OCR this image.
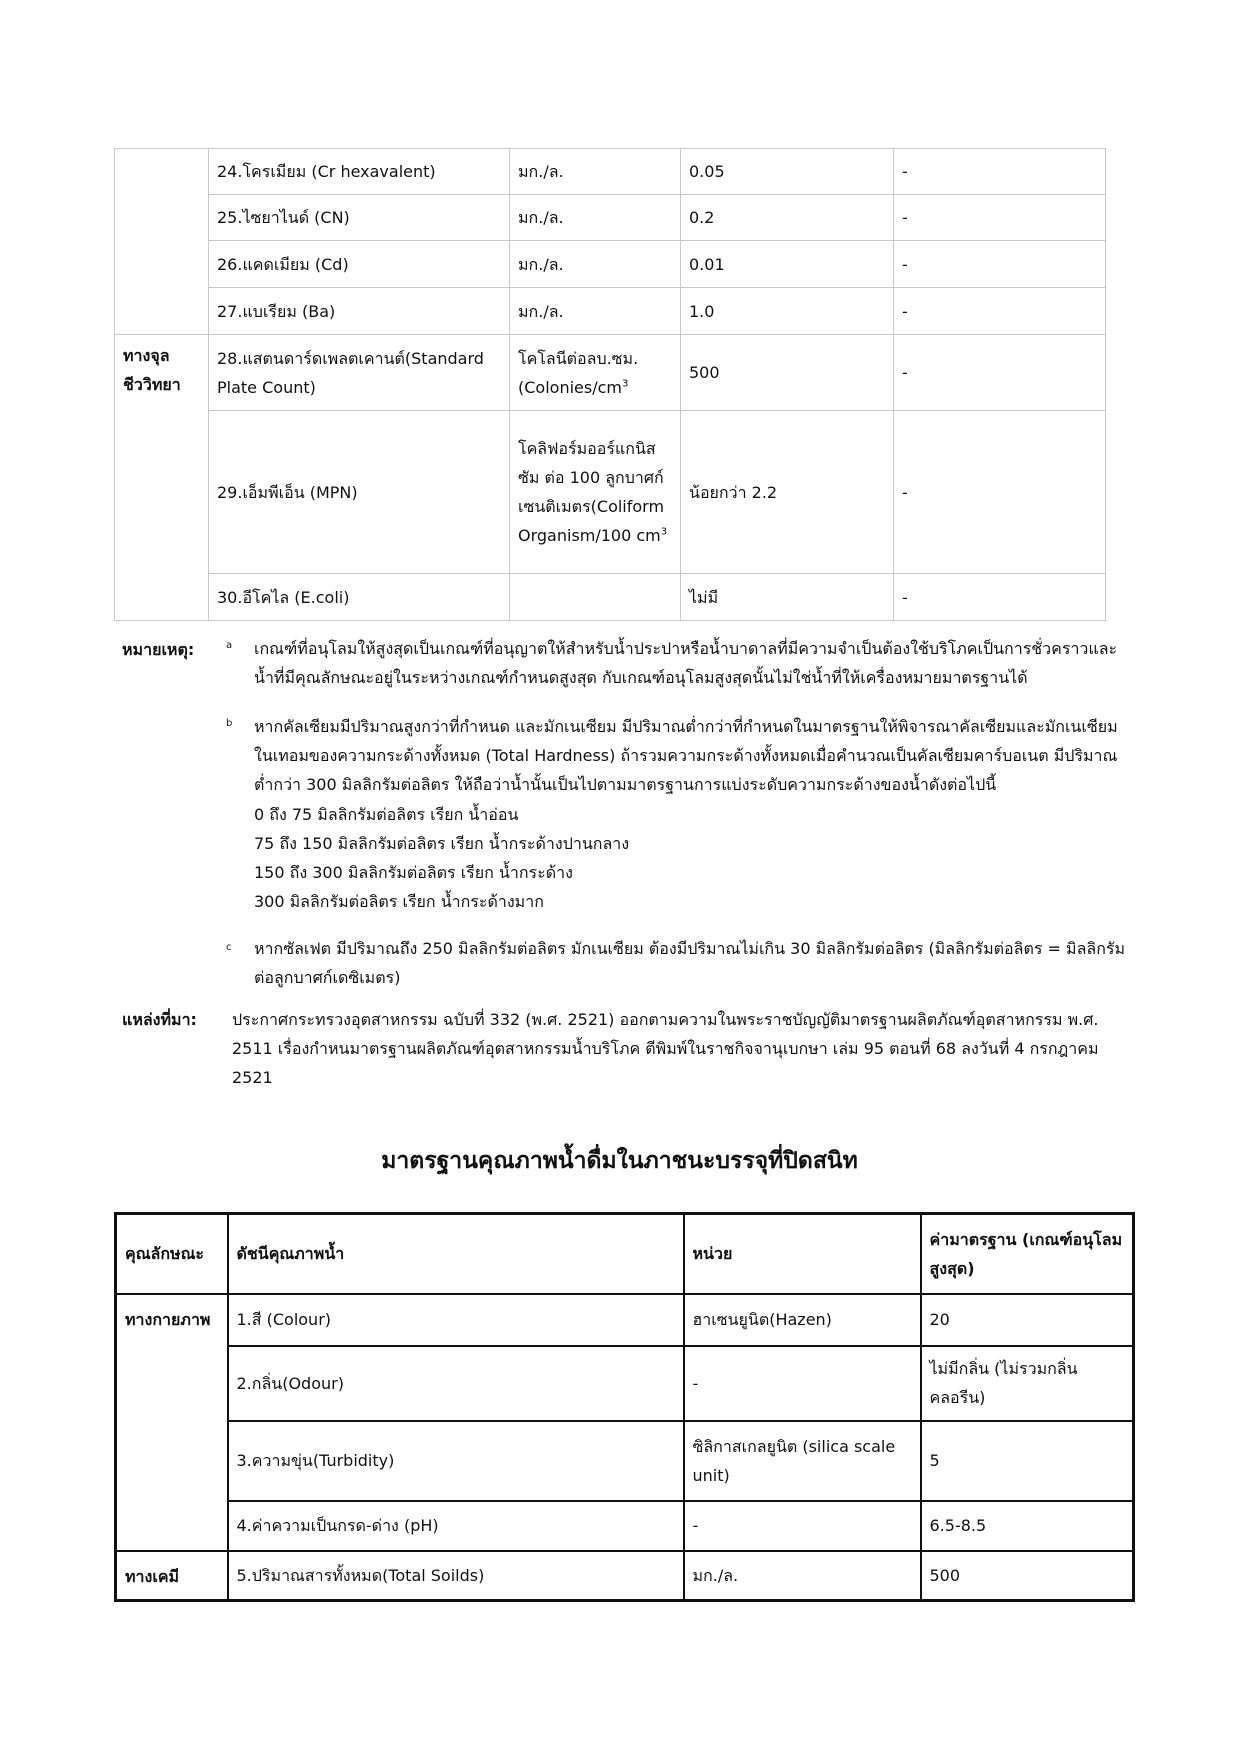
	24.โครเมียม (Cr hexavalent)	มก./ล.	0.05	-
	25.ไซยาไนด์ (CN)	มก./ล.	0.2	-
	26.แคดเมียม (Cd)	มก./ล.	0.01	-
	27.แบเรียม (Ba)	มก./ล.	1.0	-
ทางจุล ชีววิทยา	28.แสตนดาร์ดเพลตเคานต์(Standard Plate Count)	โคโลนีต่อลบ.ซม. ($Colonies/cm^3$	500	-
	29.เอ็มพีเอ็น (MPN)	โคลิฟอร์มออร์แกนิสซัม ต่อ 100 ลูกบาศก์เซนติเมตร(Coliform Organism/100 $cm^3$	น้อยกว่า 2.2	-
	30.อีโคไล (E.coli)		ไม่มี	-
หมายเหตุ:	a เกณฑ์ที่อนุโลมให้สูงสุดเป็นเกณฑ์ที่อนุญาตให้สำหรับน้ำประปาหรือน้ำบาดาลที่มีความจำเป็นต้องใช้บริโภคเป็นการชั่วคราวและน้ำที่มีคุณลักษณะอยู่ในระหว่างเกณฑ์กำหนดสูงสุด กับเกณฑ์อนุโลมสูงสุดนั้นไม่ใช่น้ำที่ให้เครื่องหมายมาตรฐานได้
b หากคัลเซียมมีปริมาณสูงกว่าที่กำหนด และมักเนเซียม มีปริมาณต่ำกว่าที่กำหนดในมาตรฐานให้พิจารณาคัลเซียมและมักเนเซียมในเทอมของความกระด้างทั้งหมด (Total Hardness) ถ้ารวมความกระด้างทั้งหมดเมื่อคำนวณเป็นคัลเซียมคาร์บอเนต มีปริมาณต่ำกว่า 300 มิลลิกรัมต่อลิตร ให้ถือว่าน้ำนั้นเป็นไปตามมาตรฐานการแบ่งระดับความกระด้างของน้ำดังต่อไปนี้
0 ถึง 75 มิลลิกรัมต่อลิตร เรียก น้ำอ่อน
75 ถึง 150 มิลลิกรัมต่อลิตร เรียก น้ำกระด้างปานกลาง
150 ถึง 300 มิลลิกรัมต่อลิตร เรียก น้ำกระด้าง
300 มิลลิกรัมต่อลิตร เรียก น้ำกระด้างมาก
c หากซัลเฟต มีปริมาณถึง 250 มิลลิกรัมต่อลิตร มักเนเซียม ต้องมีปริมาณไม่เกิน 30 มิลลิกรัมต่อลิตร (มิลลิกรัมต่อลิตร = มิลลิกรัมต่อลูกบาศก์เดซิเมตร)
แหล่งที่มา: ประกาศกระทรวงอุตสาหกรรม ฉบับที่ 332 (พ.ศ. 2521) ออกตามความในพระราชบัญญัติมาตรฐานผลิตภัณฑ์อุตสาหกรรม พ.ศ. 2511 เรื่องกำหนมาตรฐานผลิตภัณฑ์อุตสาหกรรมน้ำบริโภค ตีพิมพ์ในราชกิจจานุเบกษา เล่ม 95 ตอนที่ 68 ลงวันที่ 4 กรกฎาคม 2521
มาตรฐานคุณภาพน้ำดื่มในภาชนะบรรจุที่ปิดสนิท
คุณลักษณะ	ดัชนีคุณภาพน้ำ	หน่วย	ค่ามาตรฐาน (เกณฑ์อนุโลมสูงสุด)
ทางกายภาพ	1.สี (Colour)	ฮาเซนยูนิต(Hazen)	20
	2.กลิ่น(Odour)	-	ไม่มีกลิ่น (ไม่รวมกลิ่นคลอรีน)
	3.ความขุ่น(Turbidity)	ซิลิกาสเกลยูนิต (silica scale unit)	5
	4.ค่าความเป็นกรด-ด่าง (pH)	-	6.5-8.5
ทางเคมี	5.ปริมาณสารทั้งหมด(Total Soilds)	มก./ล.	500
